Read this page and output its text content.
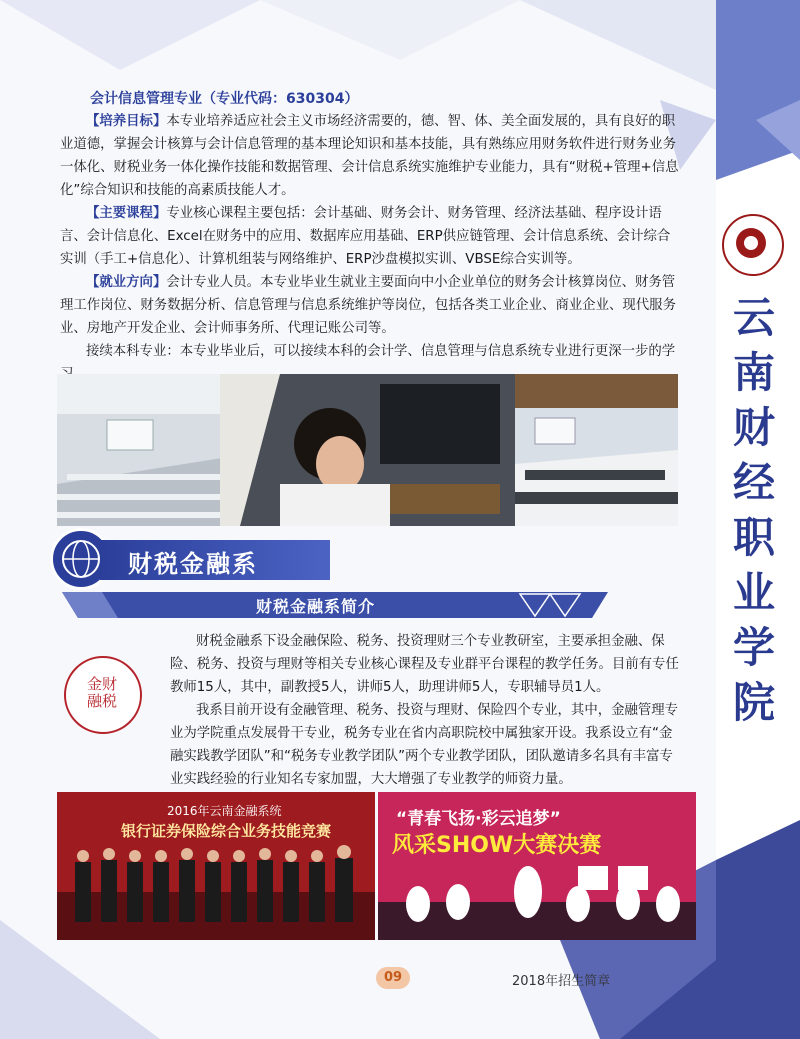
云
南
财
经
职
业
学
院
会计信息管理专业（专业代码：630304）

【培养目标】本专业培养适应社会主义市场经济需要的，德、智、体、美全面发展的，具有良好的职业道德，掌握会计核算与会计信息管理的基本理论知识和基本技能，具有熟练应用财务软件进行财务业务一体化、财税业务一体化操作技能和数据管理、会计信息系统实施维护专业能力，具有“财税+管理+信息化”综合知识和技能的高素质技能人才。

【主要课程】专业核心课程主要包括：会计基础、财务会计、财务管理、经济法基础、程序设计语言、会计信息化、Excel在财务中的应用、数据库应用基础、ERP供应链管理、会计信息系统、会计综合实训（手工+信息化）、计算机组装与网络维护、ERP沙盘模拟实训、VBSE综合实训等。

【就业方向】会计专业人员。本专业毕业生就业主要面向中小企业单位的财务会计核算岗位、财务管理工作岗位、财务数据分析、信息管理与信息系统维护等岗位，包括各类工业企业、商业企业、现代服务业、房地产开发企业、会计师事务所、代理记账公司等。

接续本科专业：本专业毕业后，可以接续本科的会计学、信息管理与信息系统专业进行更深一步的学

财税金融系
财税金融系简介
金财融税

财税金融系下设金融保险、税务、投资理财三个专业教研室，主要承担金融、保险、税务、投资与理财等相关专业核心课程及专业群平台课程的教学任务。目前有专任教师15人，其中，副教授5人，讲师5人，助理讲师5人，专职辅导员1人。

我系目前开设有金融管理、税务、投资与理财、保险四个专业，其中，金融管理专业为学院重点发展骨干专业，税务专业在省内高职院校中属独家开设。我系设立有“金融实践教学团队”和“税务专业教学团队”两个专业教学团队，团队邀请多名具有丰富专业实践经验的行业知名专家加盟，大大增强了专业教学的师资力量。

2016年云南金融系统
银行证券保险综合业务技能竞赛
“青春飞扬·彩云追梦”
风采SHOW大赛决赛
09	2018年招生简章
